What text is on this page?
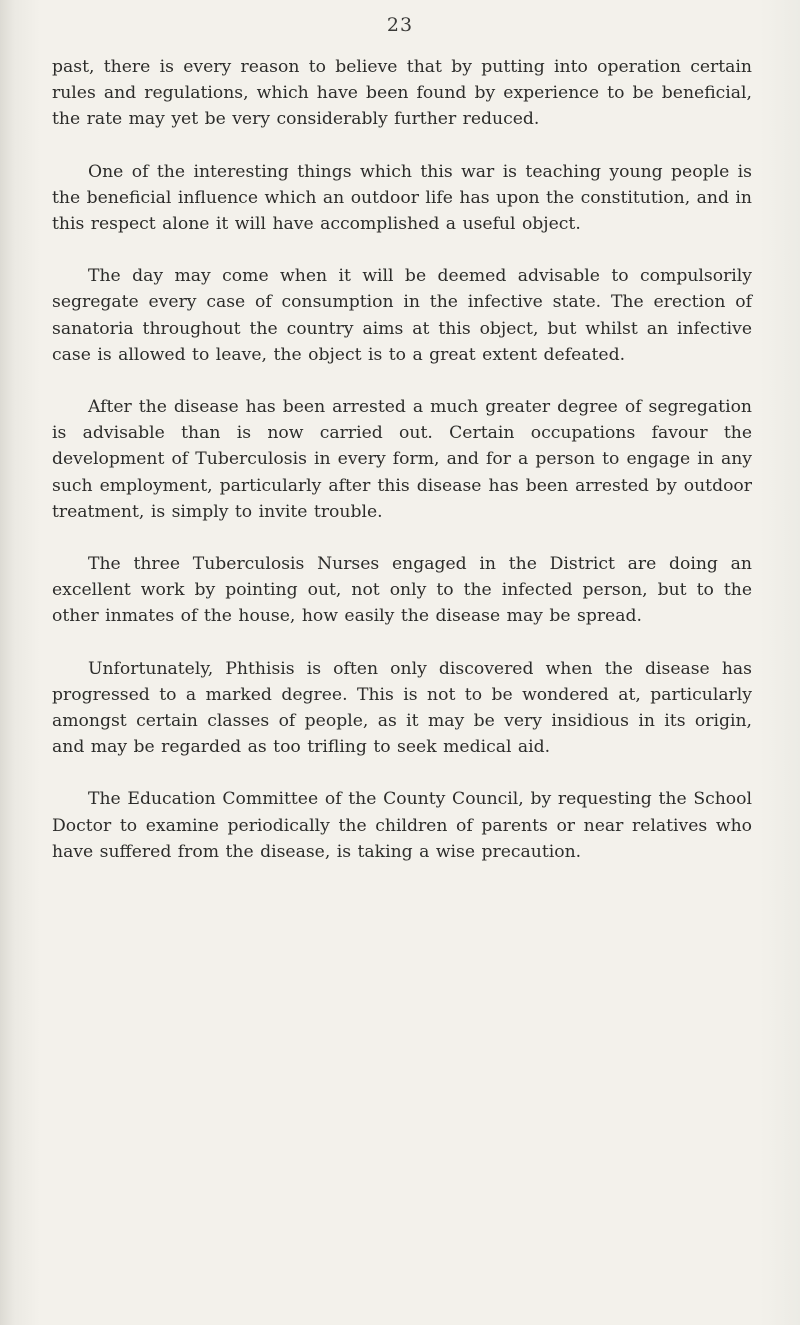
23

past, there is every reason to believe that by putting into operation certain rules and regulations, which have been found by experience to be beneficial, the rate may yet be very considerably further reduced.

One of the interesting things which this war is teaching young people is the beneficial influence which an outdoor life has upon the constitution, and in this respect alone it will have accomplished a useful object.

The day may come when it will be deemed advisable to compulsorily segregate every case of consumption in the infective state. The erection of sanatoria throughout the country aims at this object, but whilst an infective case is allowed to leave, the object is to a great extent defeated.

After the disease has been arrested a much greater degree of segregation is advisable than is now carried out. Certain occupations favour the development of Tuberculosis in every form, and for a person to engage in any such employment, particularly after this disease has been arrested by outdoor treatment, is simply to invite trouble.

The three Tuberculosis Nurses engaged in the District are doing an excellent work by pointing out, not only to the infected person, but to the other inmates of the house, how easily the disease may be spread.

Unfortunately, Phthisis is often only discovered when the disease has progressed to a marked degree. This is not to be wondered at, particularly amongst certain classes of people, as it may be very insidious in its origin, and may be regarded as too trifling to seek medical aid.

The Education Committee of the County Council, by requesting the School Doctor to examine periodically the children of parents or near relatives who have suffered from the disease, is taking a wise precaution.
